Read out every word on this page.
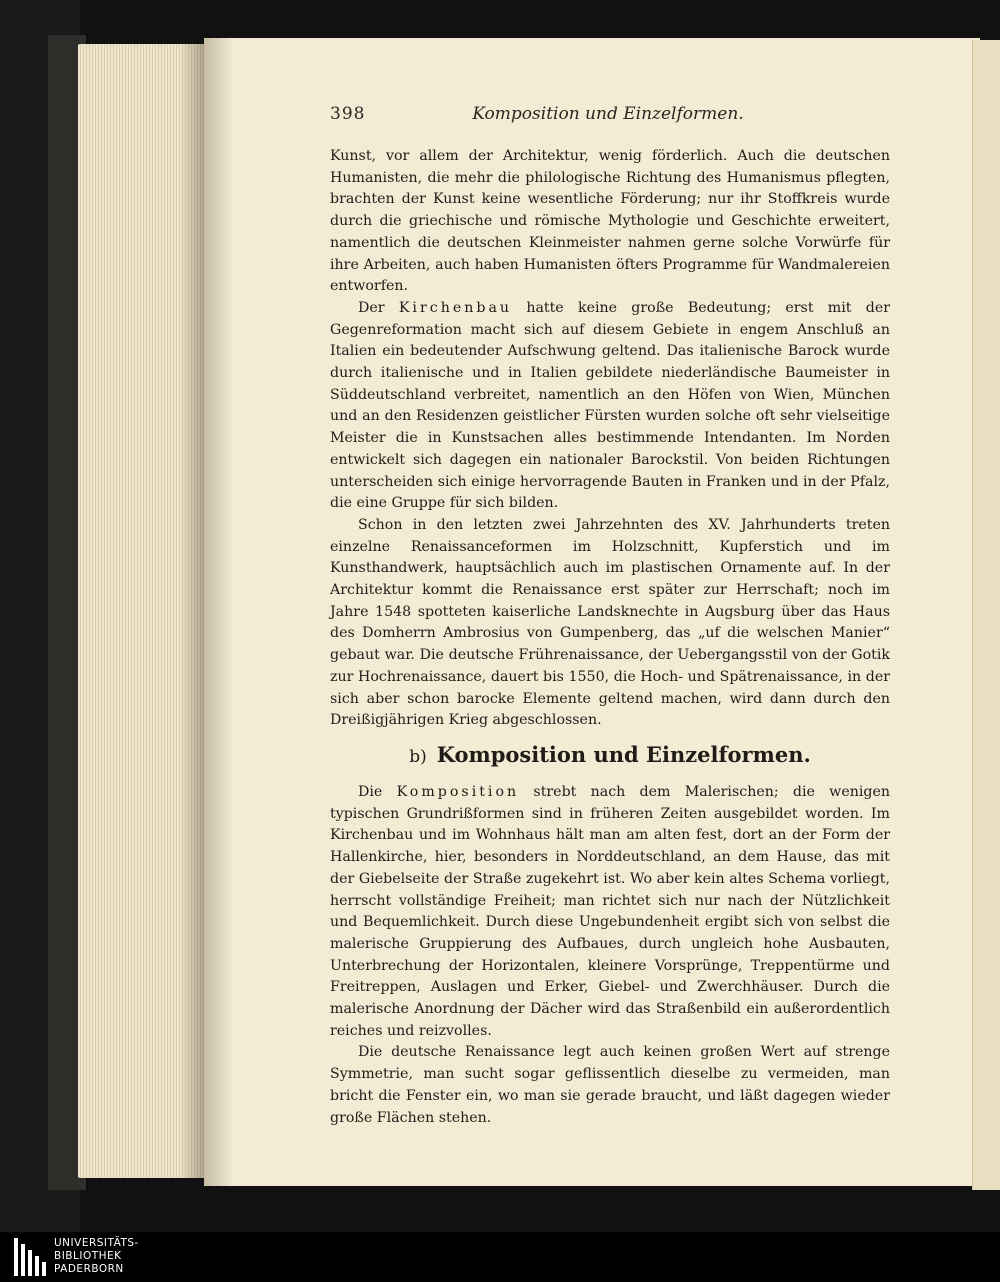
398	Komposition und Einzelformen.

Kunst, vor allem der Architektur, wenig förderlich. Auch die deutschen Humanisten, die mehr die philologische Richtung des Humanismus pflegten, brachten der Kunst keine wesentliche Förderung; nur ihr Stoffkreis wurde durch die griechische und römische Mythologie und Geschichte erweitert, namentlich die deutschen Kleinmeister nahmen gerne solche Vorwürfe für ihre Arbeiten, auch haben Humanisten öfters Programme für Wandmalereien entworfen.

Der Kirchenbau hatte keine große Bedeutung; erst mit der Gegenreformation macht sich auf diesem Gebiete in engem Anschluß an Italien ein bedeutender Aufschwung geltend. Das italienische Barock wurde durch italienische und in Italien gebildete niederländische Baumeister in Süddeutschland verbreitet, namentlich an den Höfen von Wien, München und an den Residenzen geistlicher Fürsten wurden solche oft sehr vielseitige Meister die in Kunstsachen alles bestimmende Intendanten. Im Norden entwickelt sich dagegen ein nationaler Barockstil. Von beiden Richtungen unterscheiden sich einige hervorragende Bauten in Franken und in der Pfalz, die eine Gruppe für sich bilden.

Schon in den letzten zwei Jahrzehnten des XV. Jahrhunderts treten einzelne Renaissanceformen im Holzschnitt, Kupferstich und im Kunsthandwerk, hauptsächlich auch im plastischen Ornamente auf. In der Architektur kommt die Renaissance erst später zur Herrschaft; noch im Jahre 1548 spotteten kaiserliche Landsknechte in Augsburg über das Haus des Domherrn Ambrosius von Gumpenberg, das „uf die welschen Manier“ gebaut war. Die deutsche Frührenaissance, der Uebergangsstil von der Gotik zur Hochrenaissance, dauert bis 1550, die Hoch- und Spätrenaissance, in der sich aber schon barocke Elemente geltend machen, wird dann durch den Dreißigjährigen Krieg abgeschlossen.

b) Komposition und Einzelformen.

Die Komposition strebt nach dem Malerischen; die wenigen typischen Grundrißformen sind in früheren Zeiten ausgebildet worden. Im Kirchenbau und im Wohnhaus hält man am alten fest, dort an der Form der Hallenkirche, hier, besonders in Norddeutschland, an dem Hause, das mit der Giebelseite der Straße zugekehrt ist. Wo aber kein altes Schema vorliegt, herrscht vollständige Freiheit; man richtet sich nur nach der Nützlichkeit und Bequemlichkeit. Durch diese Ungebundenheit ergibt sich von selbst die malerische Gruppierung des Aufbaues, durch ungleich hohe Ausbauten, Unterbrechung der Horizontalen, kleinere Vorsprünge, Treppentürme und Freitreppen, Auslagen und Erker, Giebel- und Zwerchhäuser. Durch die malerische Anordnung der Dächer wird das Straßenbild ein außerordentlich reiches und reizvolles.

Die deutsche Renaissance legt auch keinen großen Wert auf strenge Symmetrie, man sucht sogar geflissentlich dieselbe zu vermeiden, man bricht die Fenster ein, wo man sie gerade braucht, und läßt dagegen wieder große Flächen stehen.

UNIVERSITÄTS-
BIBLIOTHEK
PADERBORN
